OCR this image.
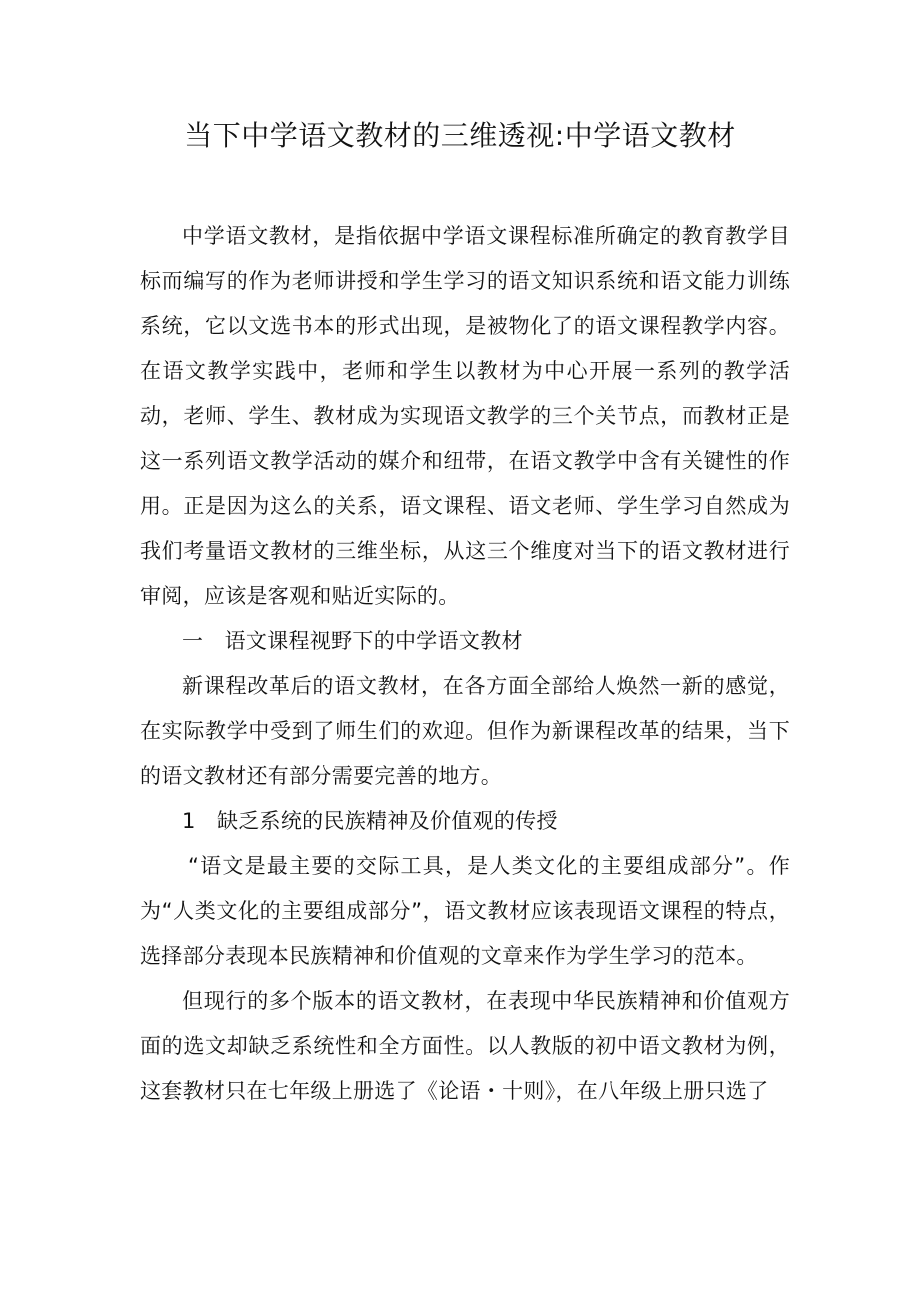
当下中学语文教材的三维透视:中学语文教材

中学语文教材，是指依据中学语文课程标准所确定的教育教学目标而编写的作为老师讲授和学生学习的语文知识系统和语文能力训练系统，它以文选书本的形式出现，是被物化了的语文课程教学内容。在语文教学实践中，老师和学生以教材为中心开展一系列的教学活动，老师、学生、教材成为实现语文教学的三个关节点，而教材正是这一系列语文教学活动的媒介和纽带，在语文教学中含有关键性的作用。正是因为这么的关系，语文课程、语文老师、学生学习自然成为我们考量语文教材的三维坐标，从这三个维度对当下的语文教材进行审阅，应该是客观和贴近实际的。

一　语文课程视野下的中学语文教材

新课程改革后的语文教材，在各方面全部给人焕然一新的感觉，在实际教学中受到了师生们的欢迎。但作为新课程改革的结果，当下的语文教材还有部分需要完善的地方。

1　缺乏系统的民族精神及价值观的传授

“语文是最主要的交际工具，是人类文化的主要组成部分”。作为“人类文化的主要组成部分”，语文教材应该表现语文课程的特点，选择部分表现本民族精神和价值观的文章来作为学生学习的范本。

但现行的多个版本的语文教材，在表现中华民族精神和价值观方面的选文却缺乏系统性和全方面性。以人教版的初中语文教材为例，这套教材只在七年级上册选了《论语・十则》，在八年级上册只选了
